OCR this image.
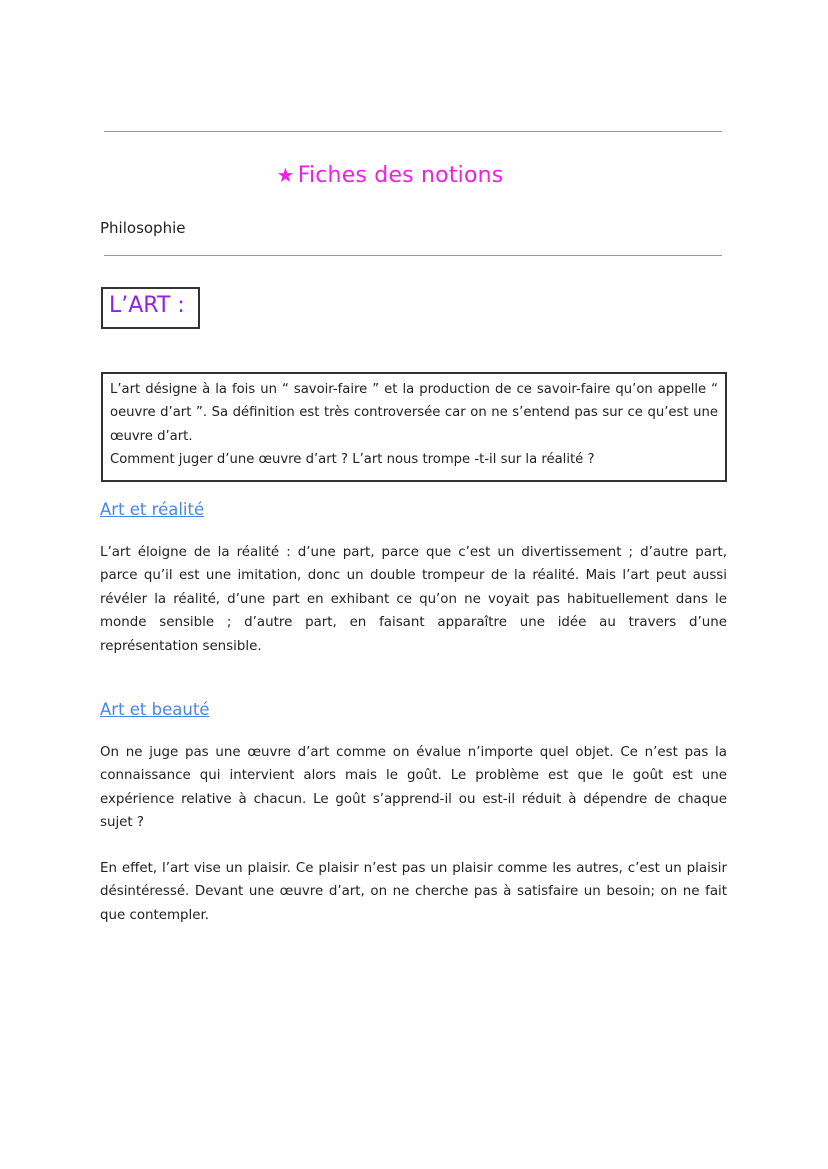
★ Fiches des notions
Philosophie
L’ART :

L’art désigne à la fois un “ savoir-faire ” et la production de ce savoir-faire qu’on appelle “ oeuvre d’art ”. Sa définition est très controversée car on ne s’entend pas sur ce qu’est une œuvre d’art.

Comment juger d’une œuvre d’art ? L’art nous trompe -t-il sur la réalité ?

Art et réalité

L’art éloigne de la réalité : d’une part, parce que c’est un divertissement ; d’autre part, parce qu’il est une imitation, donc un double trompeur de la réalité. Mais l’art peut aussi révéler la réalité, d’une part en exhibant ce qu’on ne voyait pas habituellement dans le monde sensible ; d’autre part, en faisant apparaître une idée au travers d’une représentation sensible.

Art et beauté

On ne juge pas une œuvre d’art comme on évalue n’importe quel objet. Ce n’est pas la connaissance qui intervient alors mais le goût. Le problème est que le goût est une expérience relative à chacun. Le goût s’apprend-il ou est-il réduit à dépendre de chaque sujet ?

En effet, l’art vise un plaisir. Ce plaisir n’est pas un plaisir comme les autres, c’est un plaisir désintéressé. Devant une œuvre d’art, on ne cherche pas à satisfaire un besoin; on ne fait que contempler.
